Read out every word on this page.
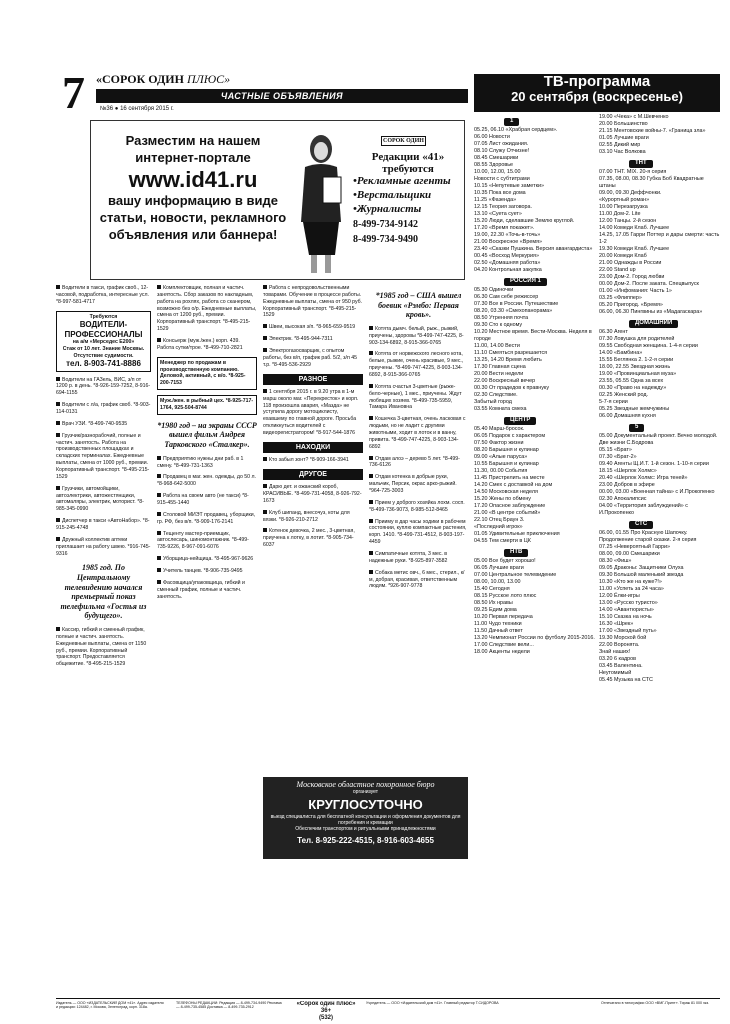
7 «СОРОК ОДИН ПЛЮС»
ЧАСТНЫЕ ОБЪЯВЛЕНИЯ
№36 ● 16 сентября 2015 г.
Разместим на нашем
интернет-портале
www.id41.ru
вашу информацию в виде
статьи, новости, рекламного
объявления или баннера!
СОРОК ОДИН
Редакции «41» требуются
•Рекламные агенты
•Верстальщики
•Журналисты
8-499-734-9142
8-499-734-9490
Водители в такси, график своб., 12-часовой, подработка, интересные усл. *8-997-581-4717
Требуются
ВОДИТЕЛИ-ПРОФЕССИОНАЛЫ
на а/м «Мерседес E200»
Стаж от 10 лет. Знание Москвы. Отсутствие судимости.
тел. 8-903-741-8886
Водители на ГАЗель, ВИС, з/п от 1200 р. в день. *8-926-159-7252, 8-916-694-1155
Водители с л/а, график своб. *8-903-114-0131
Врач УЗИ. *8-499-740-9535
Грузчик/разнорабочий, полные и частич. занятость. Работа на производственных площадках и складских терминалах. Ежедневные выплаты, смена от 1000 руб., премии. Корпоративный транспорт. *8-495-215-1529
Грузчики, автомойщики, автоэлектрики, автожестянщики, автомаляры, электрик, моторист. *8-985-345-0990
Диспетчер в такси «АвтоНабор». *8-915-245-4748
Дружный коллектив аптеки приглашает на работу швею. *916-745-9316
1985 год. По Центральному телевидению начался премьерный показ телефильма «Гостья из будущего».
Кассир, гибкий и сменный график, полные и частич. занятость. Ежедневные выплаты, смена от 1150 руб., премии. Корпоративный транспорт. Предоставляется общежитие. *8-495-215-1529
Комплектовщик, полная и частич. занятость. Сбор заказов по накладным, работа на рохлях, работа со сканером, возможно без о/р. Ежедневные выплаты, смена от 1200 руб., премии. Корпоративный транспорт. *8-495-215-1529
Консьерж (муж./жен.) корп. 439. Работа сутки/трое. *8-499-710-2821
Менеджер по продажам в производственную компанию. Деловой, активный, с в/о. *8-925-200-7153
Муж./жен. в рыбный цех. *8-925-717-1764, 925-504-8744
*1980 год – на экраны СССР вышел фильм Андрея Тарковского «Сталкер».
Предприятию нужны дни раб. в 1 смену. *8-499-731-1363
Продавец в маг. жен. одежды, до 50 л. *8-968-642-5000
Работа на своем авто (не такси) *8-915-455-1440
Столовой МИЭТ продавец, уборщики, гр. РФ, без в/п. *8-909-176-2141
Тещенту мастер-приемщик, автослесарь, шиномонтажник. *8-499-735-9226, 8-967-091-6076
Уборщица-нейщица. *8-495-967-9626
Учитель танцев. *8-906-735-9495
Фасовщица/упаковщица, гибкий и сменный график, полные и частич. занятость.
Работа с непродовольственными товарами. Обучение в процессе работы. Ежедневные выплаты, смена от 950 руб. Корпоративный транспорт. *8-495-215-1529
Швеи, высокая з/п. *8-965-659-9519
Электрик. *8-495-944-7311
Электрогазосварщик, с опытом работы, без в/п, график раб. 5/2, з/п 45 т.р. *8-495-536-2929
РАЗНОЕ
1 сентября 2015 г. в 9.20 утра в 1-м марш около маг. «Перекресток» и корп. 118 произошла авария, «Мазда» не уступила дорогу мотоциклисту, ехавшему по главной дороге. Просьба откликнуться водителей с видеорегистратором! *8-917-544-1876
НАХОДКИ
Кто забыл зонт? *8-909-166-3941
ДРУГОЕ
Дарю дет. и ожанский короб, КРАСИВЫЕ. *8-499-731-4058, 8-926-792-1673
Клуб шипанд, внесочуз, коты для вязки. *8-926-210-2712
Котенок девочка, 2 мес., 3-цветная, приучена к лотку, в лотит. *8-905-734-6037
*1985 год – США вышел боевик «Рэмбо: Первая кровь».
Котята дымч. белый, рыж., рыжий, приучены, здоровы *8-499-747-4225, 8-903-134-6892, 8-915-366-0765
Котята от норвежского лесного кота, белые, рыжие, очень красивые, 9 мес., приучены. *8-499-747-4225, 8-903-134-6892, 8-915-366-0765
Котята счастья 3-цветные (рыже-бело-черные), 1 мес., приучены. Ждут любящих хозяев. *8-499-735-5959, Тамара Ивановна
Кошечка 3-цветная, очень ласковая с людьми, но не ладит с другими животными, ходит в лоток и в ванну, привита. *8-499-747-4225, 8-903-134-6892
Отдам алоэ – дерево 5 лет. *8-499-736-6126
Отдам котенка в добрые руки, мальчик, Персик, окрас арко-рыжий. *964-725-3003
Прием у доброго хозяйка лохм. сосп. *8-499-736-9073, 8-985-512-8465
Прииму в дар часы ходики в рабочем состоянии, куплю компактные растения, корп. 1410. *8-499-731-4512, 8-903-197-4459
Симпатичные котята, 3 мес. в надежные руки. *8-925-897-3582
Собака метис овч., 6 мес., стерил., к/м, добрая, красивая, ответственным людям. *926-907-9778
Московское областное похоронное бюро
организует
КРУГЛОСУТОЧНО
выезд специалиста для бесплатной консультации и оформления документов для погребения и кремации
Обеспечим транспортом и ритуальными принадлежностями
Тел. 8-925-222-4515, 8-916-603-4655
ТВ-программа
20 сентября (воскресенье)
1
05.25, 06.10 «Храбрая сердцем».
06.00 Новости
07.05 Лист ожидания.
08.10 Служу Отчизне!
08.45 Смешарики
08.55 Здоровье
10.00, 12.00, 15.00
Новости с субтитрами
10.15 «Непутевые заметки»
10.35 Пока все дома
11.25 «Фазенда»
12.15 Теория заговора.
13.10 «Суета сует»
15.20 Люди, сделавшие Землю круглой.
17.20 «Время покажет».
19.00, 22.30 «Точь-в-точь»
21.00 Воскресное «Время»
23.40 «Сказки Пушкина. Версия авангардиста»
00.45 «Восход Меркурия»
02.50 «Домашняя работа»
04.20 Контрольная закупка
РОССИЯ 1
05.30 Одиночки
06.30 Сам себе режиссер
07.30 Все в России. Путешествие
08.20, 03.30 «Смехопанорама»
08.50 Утренняя почта
09.30 Сто к одному
10.20 Местное время. Вести-Москва. Неделя в городе
11.00, 14.00 Вести
11.10 Смеяться разрешается
13.25, 14.20 Время любить
17.30 Главная сцена
20.00 Вести недели
22.00 Воскресный вечер
00.30 От прадедов к правнуку
02.30 Следствие.
Забытый город
03.55 Комната смеха
ЦЕНТР
05.40 Марш-бросок.
06.05 Подарок с характером
07.50 Фактор жизни
08.20 Барышня и кулинар
09.00 «Алые паруса»
10.55 Барышня и кулинар
11.30, 00.00 События
11.45 Пристрелить на месте
14.20 Смех с доставкой на дом
14.50 Московская неделя
15.20 Жены по обмену
17.20 Опасное заблуждение
21.00 «В центре событий»
22.10 Отец Браун 3.
«Последний игрок»
01.05 Удивительные приключения
04.55 Тем смерти в ЦК
НТВ
05.00 Все будет хорошо!
06.05 Лучшие враги
07.00 Центральное телевидение
08.00, 10.00, 13.00
15.40 Сегодня
08.15 Русское лото плюс
08.50 Их нравы
09.25 Едим дома
10.20 Первая передача
11.00 Чудо техники
11.50 Дачный ответ
13.20 Чемпионат России по футболу 2015-2016.
17.00 Следствие вели...
18.00 Акценты недели
19.00 «Чека» с М.Шевченко
20.00 Большинство
21.15 Ментовские войны-7. «Граница зла»
01.05 Лучшие враги
02.55 Дикий мир
03.10 Час Волкова
ТНТ
07.00 ТНТ. MIX. 20-я серия
07.35, 08.00, 08.30 Губка Боб Квадратные штаны
09.00, 09.30 Деффчонки.
«Курортный роман»
10.00 Перезагрузка
11.00 Дом-2. Lite
12.00 Танцы. 2-й сезон
14.00 Комеди Клаб. Лучшее
14.25, 17.05 Гарри Поттер и дары смерти: часть 1-2
19.30 Комеди Клаб. Лучшее
20.00 Комеди Клаб
21.00 Однажды в России
22.00 Stand up
23.00 Дом-2. Город любви
00.00 Дом-2. После заката. Спецвыпуск
01.00 «Инфомания: Часть 1»
03.25 «Флиппер»
05.20 Пригород. «Бремя»
06.00, 06.30 Пингвины из «Мадагаскара»
ДОМАШНИЙ
06.30 Агент
07.30 Ловушка для родителей
09.55 Свободная женщина. 1-4-я серии
14.00 «Бамбина»
15.55 Беглянка 2. 1-2-я серии
18.00, 22.55 Звездная жизнь
19.00 «Провинциальная муза»
23.55, 05.55 Одна за всех
00.30 «Право на надежду»
02.25 Женский род.
5-7-я серии
05.25 Звездные жемчужины
06.00 Домашняя кухня
5
05.00 Документальный проект. Вечно молодой. Две жизни С.Бодрова
05.15 «Брат»
07.30 «Брат-2»
09.40 Агенты Щ.И.Т. 1-й сезон. 1-10-я серии
18.15 «Шерлок Холмс»
20.40 «Шерлок Холмс: Игра теней»
23.00 Добров в эфире
00.00, 03.00 «Военная тайна» с И.Прокопенко
02.30 Апокалипсис
04.00 «Территория заблуждений» с И.Прокопенко
СТС
06.00, 01.55 Про Красную Шапочку. Продолжение старой сказки. 2-я серия
07.25 «Невероятный Гарри»
08.00, 09.00 Смешарики
08.30 «Фиш»
09.05 Драконы: Защитники Олуха
09.30 Большой маленький звезда
10.30 «Кто же на куже?!»
11.00 «Успеть за 24 часа»
12.00 Ёлки-игры
13.00 «Русско туристо»
14.00 «Авантюристы»
15.10 Сказка на ночь
16.30 «Шрек»
17.00 «Звездный путь»
19.30 Морской бой
22.00 Воронята.
Знай наших!
03.20 6 кадров
03.45 Валентина.
Неутомимый
05.45 Музыка на СТС
Издатель — ООО «ИЗДАТЕЛЬСКИЙ ДОМ «41». Адрес издателя и редакции: 124482, г. Москва, Зеленоград, корп. 318а.
ТЕЛЕФОНЫ РЕДАКЦИИ: Редакция — 8-499-734-9490 Реклама — 8-499-735-4585 Доставка — 8-499-735-2912
«Сорок один плюс»
36+
(532)
Учредитель — ООО «Издательский дом «41». Главный редактор Т.СИДОРОВА	Отпечатано в типографии ООО «ВМГ-Принт». Тираж 81 000 экз.
